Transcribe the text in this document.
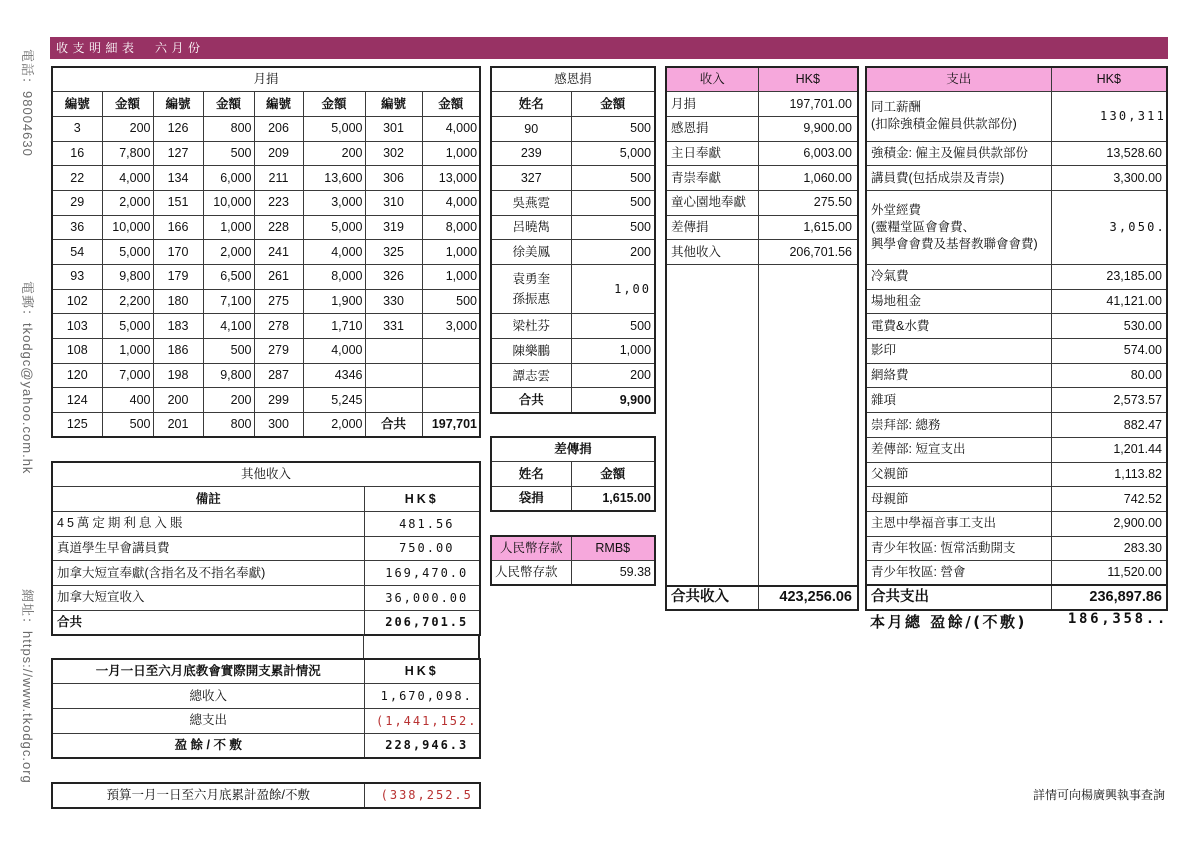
電話：98004630
電郵：tkodgc@yahoo.com.hk
網址：https://www.tkodgc.org
收支明細表　六月份
月捐							
編號	金額	編號	金額	編號	金額	編號	金額
3	200	126	800	206	5,000	301	4,000
16	7,800	127	500	209	200	302	1,000
22	4,000	134	6,000	211	13,600	306	13,000
29	2,000	151	10,000	223	3,000	310	4,000
36	10,000	166	1,000	228	5,000	319	8,000
54	5,000	170	2,000	241	4,000	325	1,000
93	9,800	179	6,500	261	8,000	326	1,000
102	2,200	180	7,100	275	1,900	330	500
103	5,000	183	4,100	278	1,710	331	3,000
108	1,000	186	500	279	4,000		
120	7,000	198	9,800	287	4346		
124	400	200	200	299	5,245		
125	500	201	800	300	2,000	合共	197,701
感恩捐	
姓名	金額
90	500
239	5,000
327	500
吳燕霓	500
呂曉雋	500
徐美鳳	200
袁勇奎
孫振惠	1,00
梁杜芬	500
陳樂鵬	1,000
譚志雲	200
合共	9,900
差傳捐	
姓名	金額
袋捐	1,615.00
人民幣存款	RMB$
人民幣存款	59.38
收入	HK$
月捐	197,701.00
感恩捐	9,900.00
主日奉獻	6,003.00
青崇奉獻	1,060.00
童心園地奉獻	275.50
差傳捐	1,615.00
其他收入	206,701.56

合共收入	423,256.06
支出	HK$
同工薪酬
(扣除強積金僱員供款部份)	130,311
強積金: 僱主及僱員供款部份	13,528.60
講員費(包括成崇及青崇)	3,300.00
外堂經費
(靈糧堂區會會費、
興學會會費及基督教聯會會費)	3,050.
冷氣費	23,185.00
場地租金	41,121.00
電費&水費	530.00
影印	574.00
網絡費	80.00
雜項	2,573.57
崇拜部: 總務	882.47
差傳部: 短宣支出	1,201.44
父親節	1,113.82
母親節	742.52
主恩中學福音事工支出	2,900.00
青少年牧區: 恆常活動開支	283.30
青少年牧區: 營會	11,520.00
合共支出	236,897.86
本月總 盈餘/(不敷)	186,358..
其他收入	
備註	HK$
45萬定期利息入賬	481.56
真道學生早會講員費	750.00
加拿大短宣奉獻(含指名及不指名奉獻)	169,470.0
加拿大短宣收入	36,000.00
合共	206,701.5
一月一日至六月底教會實際開支累計情況	HK$
總收入	1,670,098.
總支出	(1,441,152.
盈 餘 / 不 敷	228,946.3
預算一月一日至六月底累計盈餘/不敷	(338,252.5	詳情可向楊廣興執事查詢
